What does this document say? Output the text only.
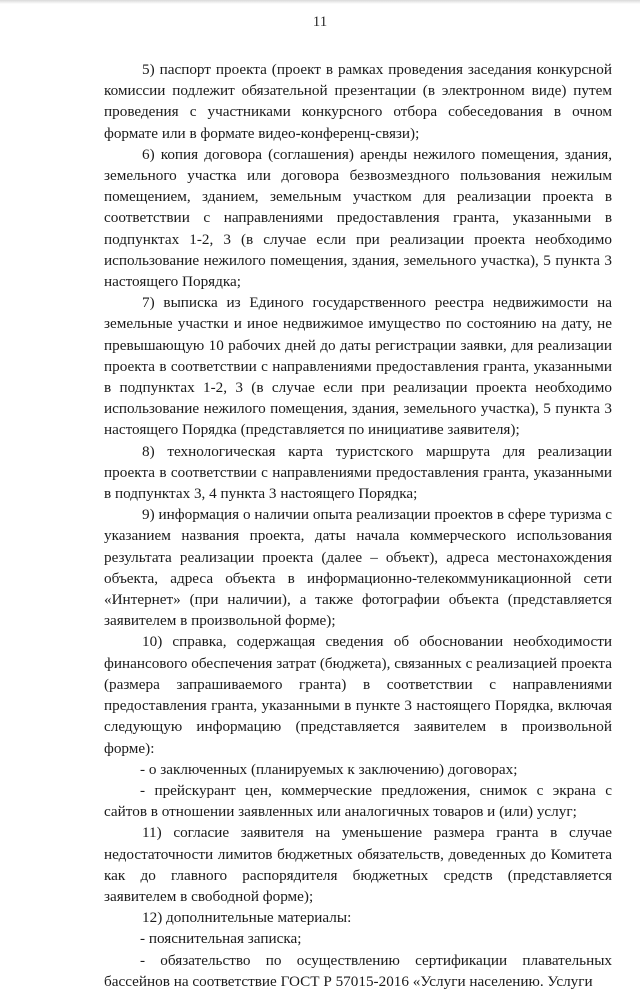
11

5) паспорт проекта (проект в рамках проведения заседания конкурсной комиссии подлежит обязательной презентации (в электронном виде) путем проведения с участниками конкурсного отбора собеседования в очном формате или в формате видео-конференц-связи);

6) копия договора (соглашения) аренды нежилого помещения, здания, земельного участка или договора безвозмездного пользования нежилым помещением, зданием, земельным участком для реализации проекта в соответствии с направлениями предоставления гранта, указанными в подпунктах 1-2, 3 (в случае если при реализации проекта необходимо использование нежилого помещения, здания, земельного участка), 5 пункта 3 настоящего Порядка;

7) выписка из Единого государственного реестра недвижимости на земельные участки и иное недвижимое имущество по состоянию на дату, не превышающую 10 рабочих дней до даты регистрации заявки, для реализации проекта в соответствии с направлениями предоставления гранта, указанными в подпунктах 1-2, 3 (в случае если при реализации проекта необходимо использование нежилого помещения, здания, земельного участка), 5 пункта 3 настоящего Порядка (представляется по инициативе заявителя);

8) технологическая карта туристского маршрута для реализации проекта в соответствии с направлениями предоставления гранта, указанными в подпунктах 3, 4 пункта 3 настоящего Порядка;

9) информация о наличии опыта реализации проектов в сфере туризма с указанием названия проекта, даты начала коммерческого использования результата реализации проекта (далее – объект), адреса местонахождения объекта, адреса объекта в информационно-телекоммуникационной сети «Интернет» (при наличии), а также фотографии объекта (представляется заявителем в произвольной форме);

10) справка, содержащая сведения об обосновании необходимости финансового обеспечения затрат (бюджета), связанных с реализацией проекта (размера запрашиваемого гранта) в соответствии с направлениями предоставления гранта, указанными в пункте 3 настоящего Порядка, включая следующую информацию (представляется заявителем в произвольной форме):

- о заключенных (планируемых к заключению) договорах;

- прейскурант цен, коммерческие предложения, снимок с экрана с сайтов в отношении заявленных или аналогичных товаров и (или) услуг;

11) согласие заявителя на уменьшение размера гранта в случае недостаточности лимитов бюджетных обязательств, доведенных до Комитета как до главного распорядителя бюджетных средств (представляется заявителем в свободной форме);

12) дополнительные материалы:

- пояснительная записка;

- обязательство по осуществлению сертификации плавательных бассейнов на соответствие ГОСТ Р 57015-2016 «Услуги населению. Услуги
